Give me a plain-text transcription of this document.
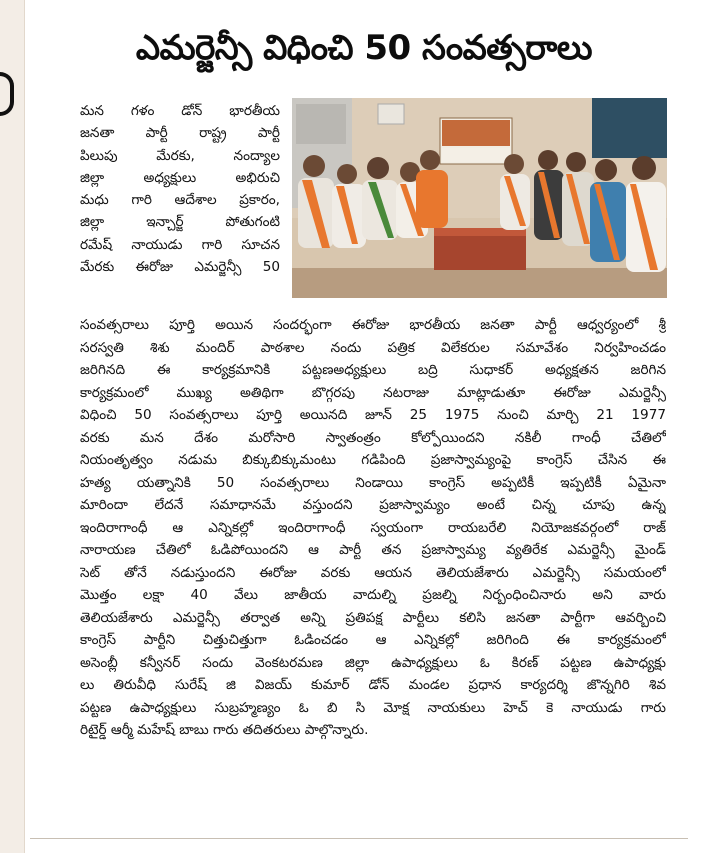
ఎమర్జెన్సీ విధించి 50 సంవత్సరాలు
మన గళం డోన్ భారతీయ
జనతా పార్టీ రాష్ట్ర పార్టీ
పిలుపు మేరకు, నంద్యాల
జిల్లా అధ్యక్షులు అభిరుచి
మధు గారి ఆదేశాల ప్రకారం,
జిల్లా ఇన్చార్జ్ పోతుగంటి
రమేష్ నాయుడు గారి సూచన
మేరకు ఈరోజు ఎమర్జెన్సీ 50
సంవత్సరాలు పూర్తి అయిన సందర్భంగా ఈరోజు భారతీయ జనతా పార్టీ ఆధ్వర్యంలో శ్రీ
సరస్వతి శిశు మందిర్ పాఠశాల నందు పత్రిక విలేకరుల సమావేశం నిర్వహించడం
జరిగినది ఈ కార్యక్రమానికి పట్టణఅధ్యక్షులు బద్రి సుధాకర్ అధ్యక్షతన జరిగిన
కార్యక్రమంలో ముఖ్య అతిథిగా బొగ్గరపు నటరాజు మాట్లాడుతూ ఈరోజు ఎమర్జెన్సీ
విధించి 50 సంవత్సరాలు పూర్తి అయినది జూన్ 25 1975 నుంచి మార్చి 21 1977
వరకు మన దేశం మరోసారి స్వాతంత్రం కోల్పోయిందని నకిలీ గాంధీ చేతిలో
నియంతృత్వం నడుమ బిక్కుబిక్కుమంటు గడిపింది ప్రజాస్వామ్యంపై కాంగ్రెస్ చేసిన ఈ
హత్య యత్నానికి 50 సంవత్సరాలు నిండాయి కాంగ్రెస్ అప్పటికీ ఇప్పటికీ ఏమైనా
మారిందా లేదనే సమాధానమే వస్తుందని ప్రజాస్వామ్యం అంటే చిన్న చూపు ఉన్న
ఇందిరాగాంధీ ఆ ఎన్నికల్లో ఇందిరాగాంధీ స్వయంగా రాయబరేలి నియోజకవర్గంలో రాజ్
నారాయణ చేతిలో ఓడిపోయిందని ఆ పార్టీ తన ప్రజాస్వామ్య వ్యతిరేక ఎమర్జెన్సీ మైండ్
సెట్ తోనే నడుస్తుందని ఈరోజు వరకు ఆయన తెలియజేశారు ఎమర్జెన్సీ సమయంలో
మొత్తం లక్షా 40 వేలు జాతీయ వాదుల్ని ప్రజల్ని నిర్బంధించినారు అని వారు
తెలియజేశారు ఎమర్జెన్సీ తర్వాత అన్ని ప్రతిపక్ష పార్టీలు కలిసి జనతా పార్టీగా ఆవర్బించి
కాంగ్రెస్ పార్టీని చిత్తుచిత్తుగా ఓడించడం ఆ ఎన్నికల్లో జరిగింది ఈ కార్యక్రమంలో
అసెంబ్లీ కన్వీనర్ సందు వెంకటరమణ జిల్లా ఉపాధ్యక్షులు ఓ కిరణ్ పట్టణ ఉపాధ్యక్షు
లు తిరువీధి సురేష్ జి విజయ్ కుమార్ డోన్ మండల ప్రధాన కార్యదర్శి జొన్నగిరి శివ
పట్టణ ఉపాధ్యక్షులు సుబ్రహ్మణ్యం ఓ బి సి మోక్ష నాయకులు హెచ్ కె నాయుడు గారు
రిటైర్డ్ ఆర్మీ మహేష్ బాబు గారు తదితరులు పాల్గొన్నారు.
